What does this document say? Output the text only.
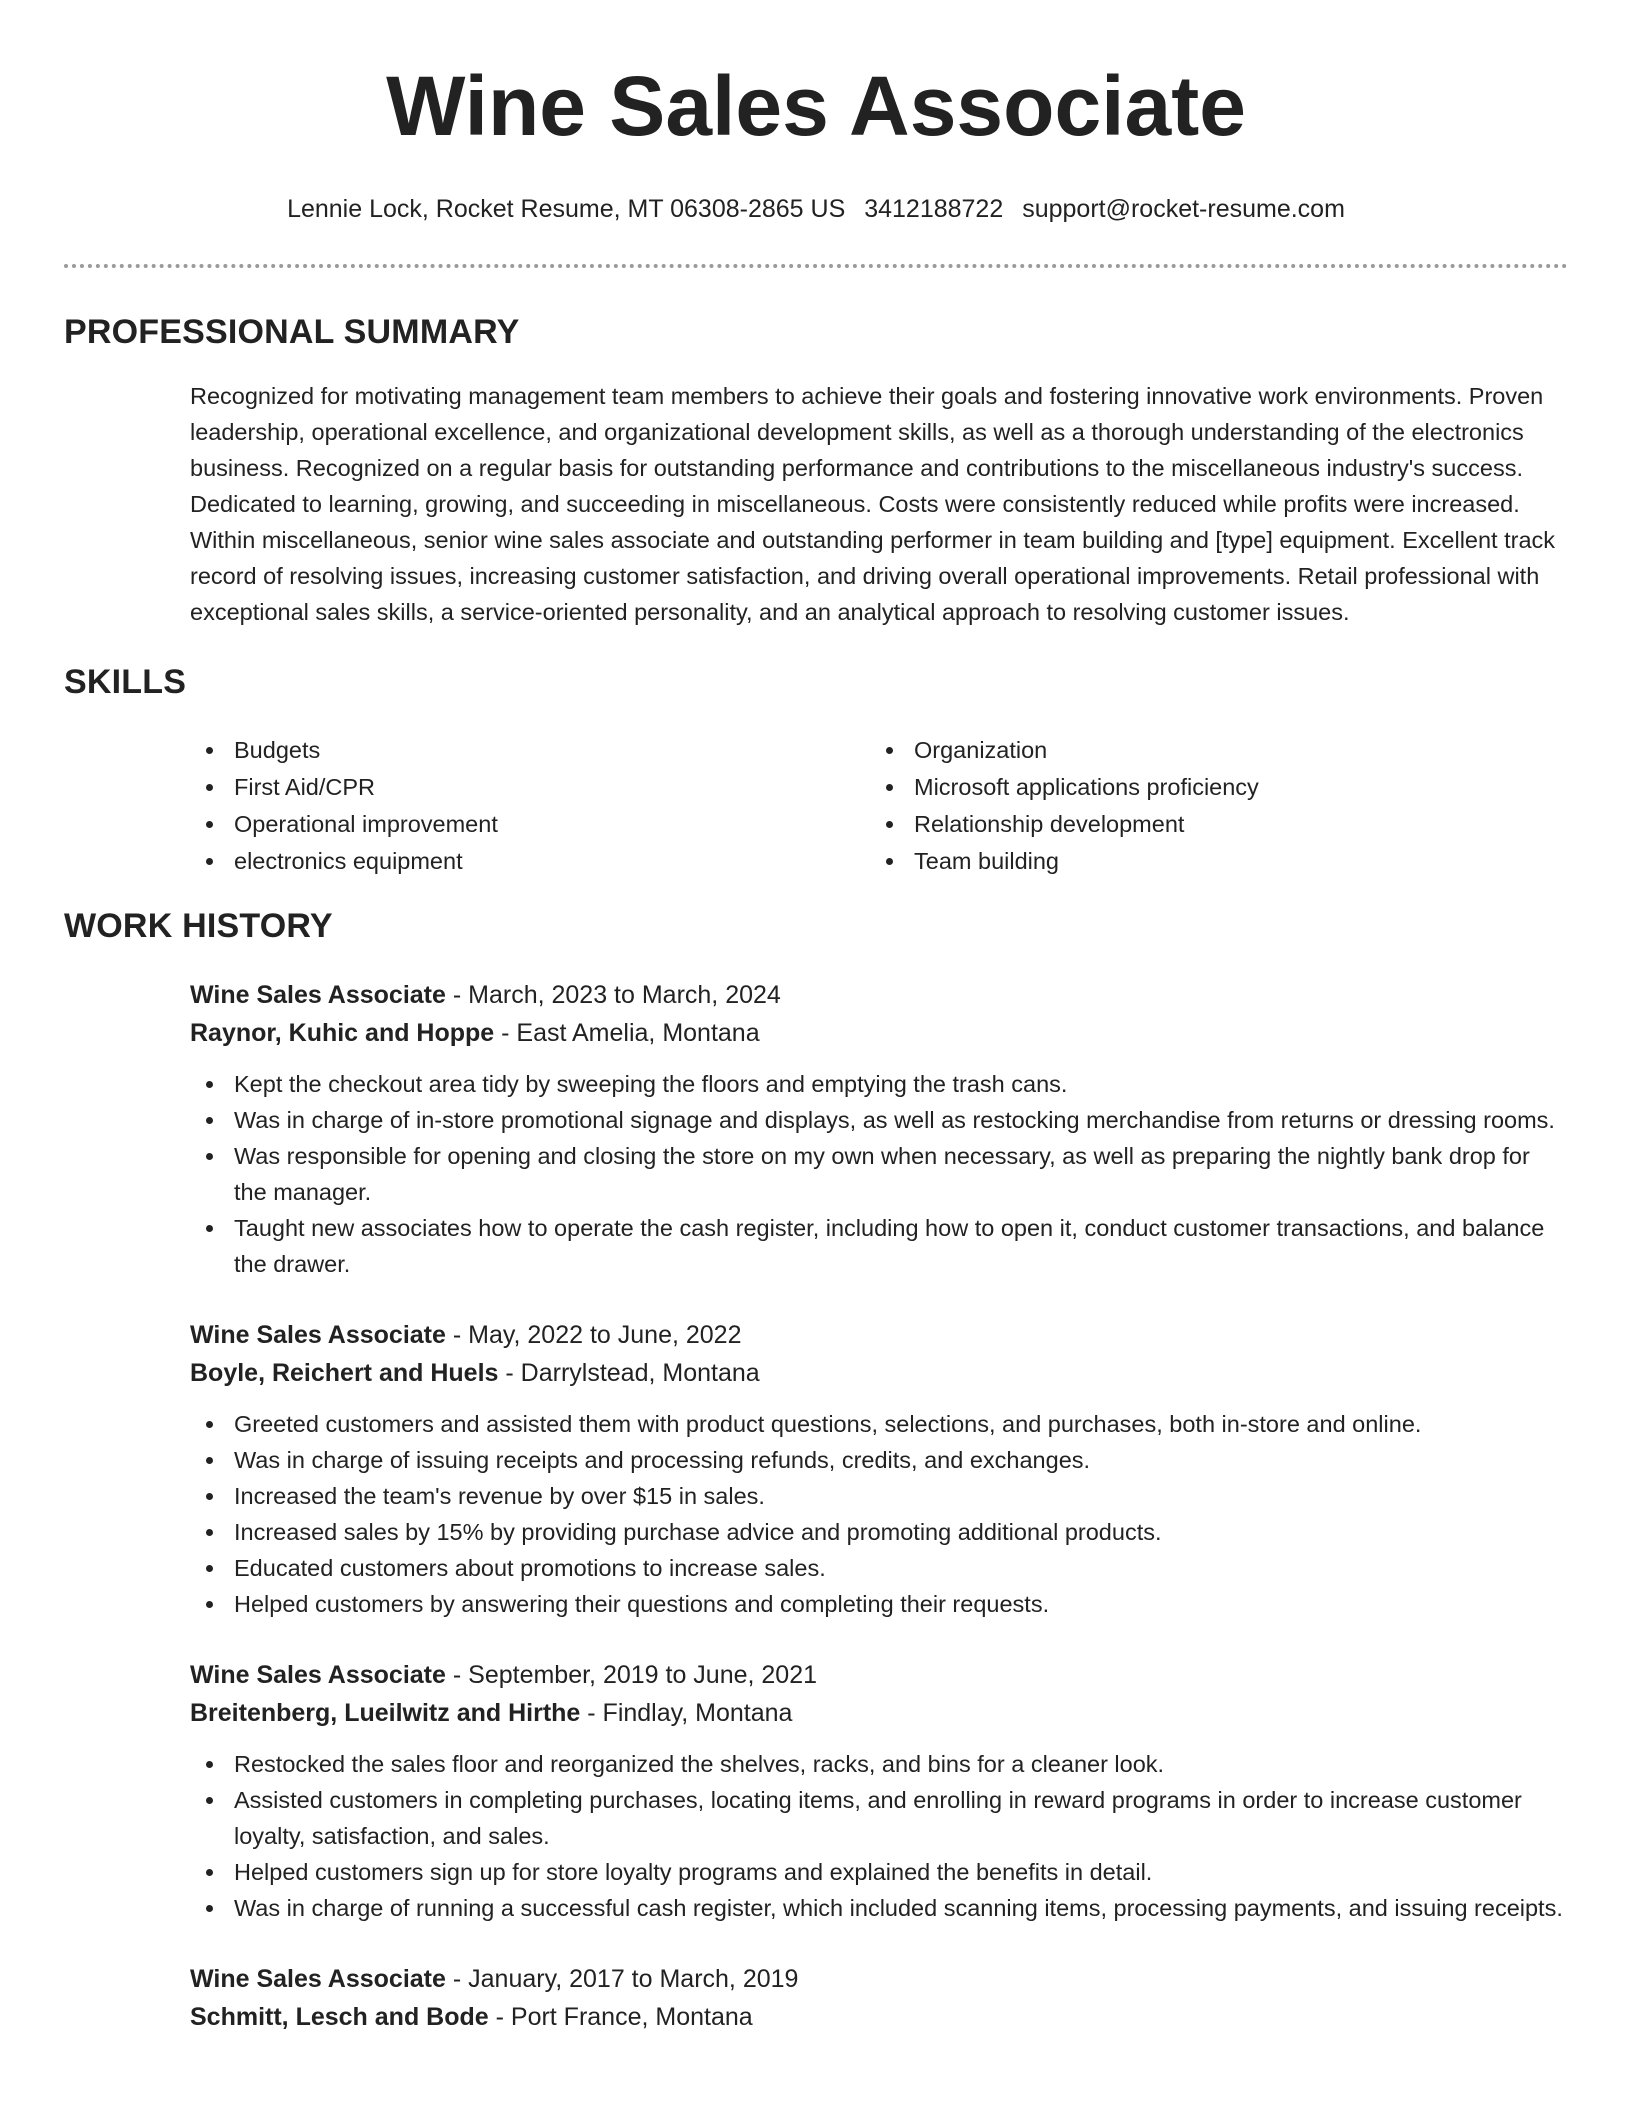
Wine Sales Associate
Lennie Lock, Rocket Resume, MT 06308-2865 US 3412188722 support@rocket-resume.com
PROFESSIONAL SUMMARY

Recognized for motivating management team members to achieve their goals and fostering innovative work environments. Proven leadership, operational excellence, and organizational development skills, as well as a thorough understanding of the electronics business. Recognized on a regular basis for outstanding performance and contributions to the miscellaneous industry's success. Dedicated to learning, growing, and succeeding in miscellaneous. Costs were consistently reduced while profits were increased. Within miscellaneous, senior wine sales associate and outstanding performer in team building and [type] equipment. Excellent track record of resolving issues, increasing customer satisfaction, and driving overall operational improvements. Retail professional with exceptional sales skills, a service-oriented personality, and an analytical approach to resolving customer issues.

SKILLS
Budgets
First Aid/CPR
Operational improvement
electronics equipment
Organization
Microsoft applications proficiency
Relationship development
Team building
WORK HISTORY
Wine Sales Associate - March, 2023 to March, 2024
Raynor, Kuhic and Hoppe - East Amelia, Montana
Kept the checkout area tidy by sweeping the floors and emptying the trash cans.
Was in charge of in-store promotional signage and displays, as well as restocking merchandise from returns or dressing rooms.
Was responsible for opening and closing the store on my own when necessary, as well as preparing the nightly bank drop for the manager.
Taught new associates how to operate the cash register, including how to open it, conduct customer transactions, and balance the drawer.
Wine Sales Associate - May, 2022 to June, 2022
Boyle, Reichert and Huels - Darrylstead, Montana
Greeted customers and assisted them with product questions, selections, and purchases, both in-store and online.
Was in charge of issuing receipts and processing refunds, credits, and exchanges.
Increased the team's revenue by over $15 in sales.
Increased sales by 15% by providing purchase advice and promoting additional products.
Educated customers about promotions to increase sales.
Helped customers by answering their questions and completing their requests.
Wine Sales Associate - September, 2019 to June, 2021
Breitenberg, Lueilwitz and Hirthe - Findlay, Montana
Restocked the sales floor and reorganized the shelves, racks, and bins for a cleaner look.
Assisted customers in completing purchases, locating items, and enrolling in reward programs in order to increase customer loyalty, satisfaction, and sales.
Helped customers sign up for store loyalty programs and explained the benefits in detail.
Was in charge of running a successful cash register, which included scanning items, processing payments, and issuing receipts.
Wine Sales Associate - January, 2017 to March, 2019
Schmitt, Lesch and Bode - Port France, Montana
